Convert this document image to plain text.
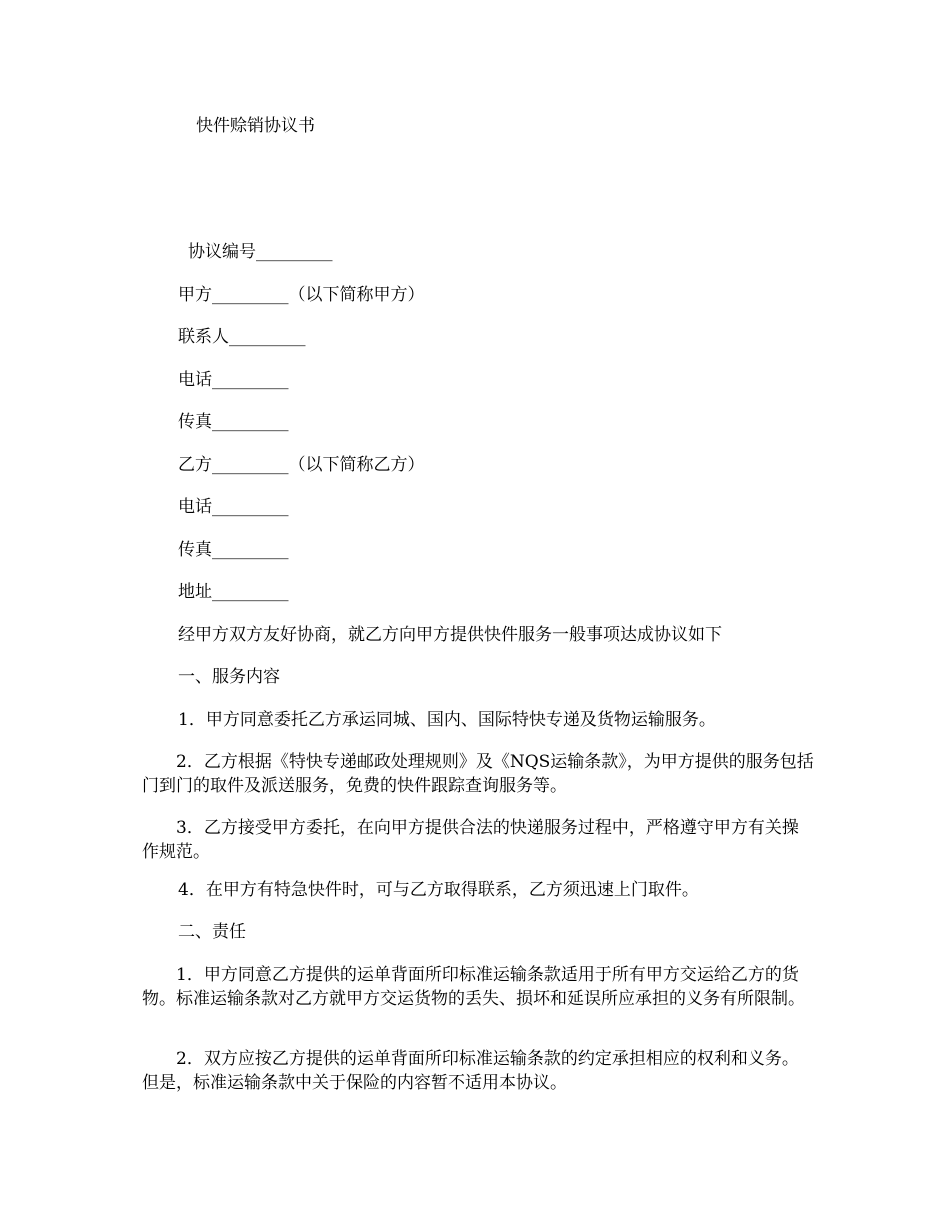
快件赊销协议书
协议编号_________
甲方_________（以下简称甲方）
联系人_________
电话_________
传真_________
乙方_________（以下简称乙方）
电话_________
传真_________
地址_________
经甲方双方友好协商，就乙方向甲方提供快件服务一般事项达成协议如下
一、服务内容
1．甲方同意委托乙方承运同城、国内、国际特快专递及货物运输服务。
2．乙方根据《特快专递邮政处理规则》及《NQS运输条款》，为甲方提供的服务包括门到门的取件及派送服务，免费的快件跟踪查询服务等。
3．乙方接受甲方委托，在向甲方提供合法的快递服务过程中，严格遵守甲方有关操作规范。
4．在甲方有特急快件时，可与乙方取得联系，乙方须迅速上门取件。
二、责任
1．甲方同意乙方提供的运单背面所印标准运输条款适用于所有甲方交运给乙方的货物。标准运输条款对乙方就甲方交运货物的丢失、损坏和延误所应承担的义务有所限制。
2．双方应按乙方提供的运单背面所印标准运输条款的约定承担相应的权利和义务。但是，标准运输条款中关于保险的内容暂不适用本协议。
